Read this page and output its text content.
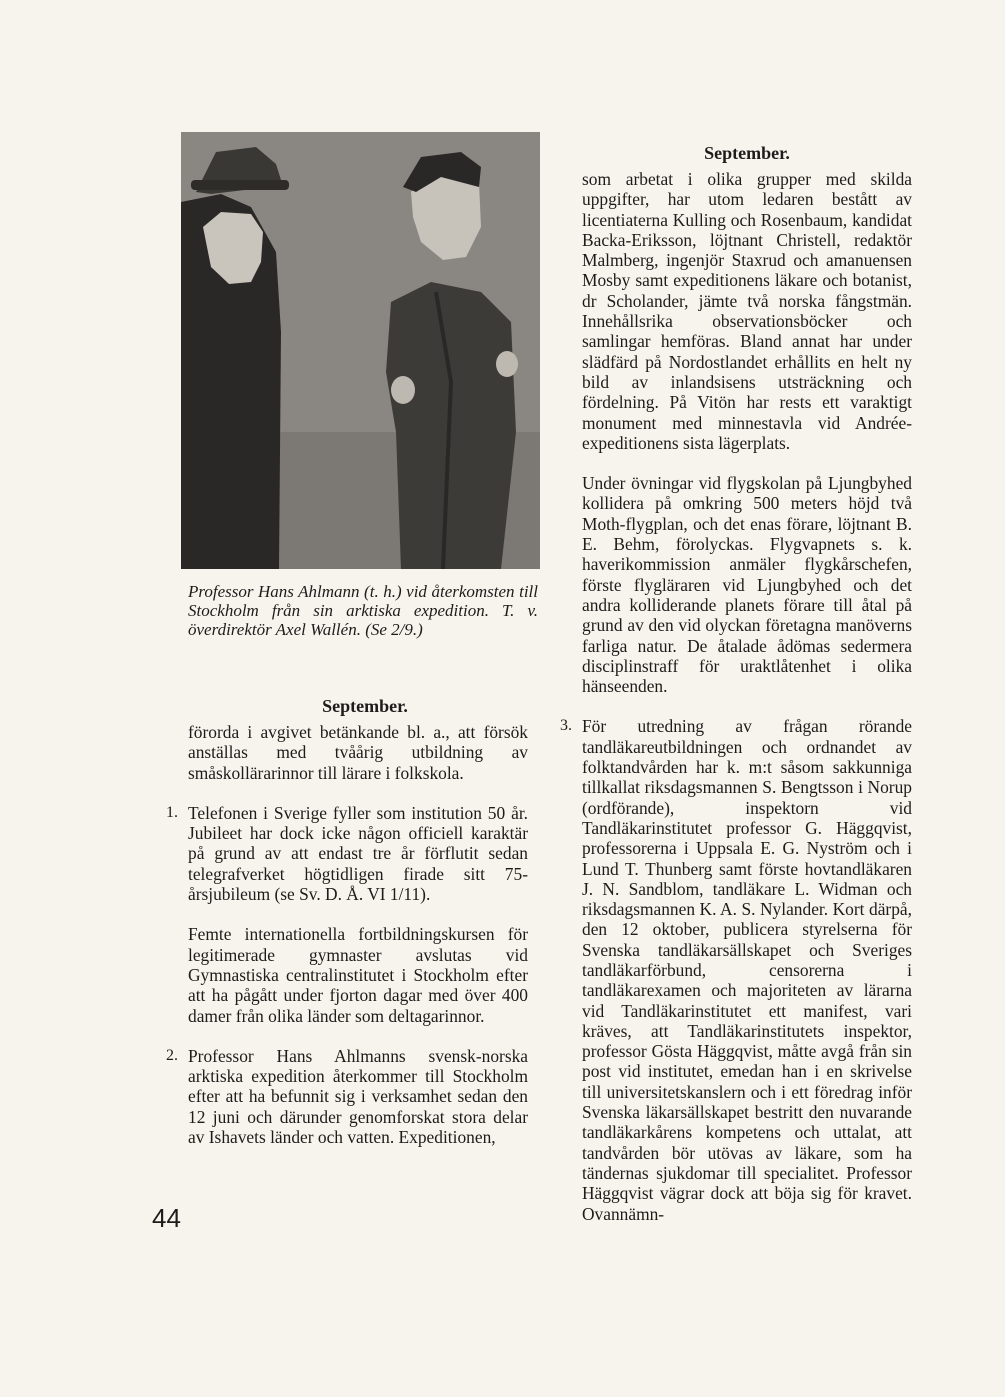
Professor Hans Ahlmann (t. h.) vid återkomsten till Stockholm från sin arktiska expedition. T. v. överdirektör Axel Wallén. (Se 2/9.)

September.

förorda i avgivet betänkande bl. a., att försök anställas med tvåårig utbildning av småskollärarinnor till lärare i folkskola.

1. Telefonen i Sverige fyller som institution 50 år. Jubileet har dock icke någon officiell karaktär på grund av att endast tre år förflutit sedan telegrafverket högtidligen firade sitt 75-årsjubileum (se Sv. D. Å. VI 1/11).

Femte internationella fortbildningskursen för legitimerade gymnaster avslutas vid Gymnastiska centralinstitutet i Stockholm efter att ha pågått under fjorton dagar med över 400 damer från olika länder som deltagarinnor.

2. Professor Hans Ahlmanns svensk-norska arktiska expedition återkommer till Stockholm efter att ha befunnit sig i verksamhet sedan den 12 juni och därunder genomforskat stora delar av Ishavets länder och vatten. Expeditionen,

September.

som arbetat i olika grupper med skilda uppgifter, har utom ledaren bestått av licentiaterna Kulling och Rosenbaum, kandidat Backa-Eriksson, löjtnant Christell, redaktör Malmberg, ingenjör Staxrud och amanuensen Mosby samt expeditionens läkare och botanist, dr Scholander, jämte två norska fångstmän. Innehållsrika observationsböcker och samlingar hemföras. Bland annat har under slädfärd på Nordostlandet erhållits en helt ny bild av inlandsisens utsträckning och fördelning. På Vitön har rests ett varaktigt monument med minnestavla vid Andrée-expeditionens sista lägerplats.

Under övningar vid flygskolan på Ljungbyhed kollidera på omkring 500 meters höjd två Moth-flygplan, och det enas förare, löjtnant B. E. Behm, förolyckas. Flygvapnets s. k. haverikommission anmäler flygkårschefen, förste flygläraren vid Ljungbyhed och det andra kolliderande planets förare till åtal på grund av den vid olyckan företagna manöverns farliga natur. De åtalade ådömas sedermera disciplinstraff för uraktlåtenhet i olika hänseenden.

3. För utredning av frågan rörande tandläkareutbildningen och ordnandet av folktandvården har k. m:t såsom sakkunniga tillkallat riksdagsmannen S. Bengtsson i Norup (ordförande), inspektorn vid Tandläkarinstitutet professor G. Häggqvist, professorerna i Uppsala E. G. Nyström och i Lund T. Thunberg samt förste hovtandläkaren J. N. Sandblom, tandläkare L. Widman och riksdagsmannen K. A. S. Nylander. Kort därpå, den 12 oktober, publicera styrelserna för Svenska tandläkarsällskapet och Sveriges tandläkarförbund, censorerna i tandläkarexamen och majoriteten av lärarna vid Tandläkarinstitutet ett manifest, vari kräves, att Tandläkarinstitutets inspektor, professor Gösta Häggqvist, måtte avgå från sin post vid institutet, emedan han i en skrivelse till universitetskanslern och i ett föredrag inför Svenska läkarsällskapet bestritt den nuvarande tandläkarkårens kompetens och uttalat, att tandvården bör utövas av läkare, som ha tändernas sjukdomar till specialitet. Professor Häggqvist vägrar dock att böja sig för kravet. Ovannämn-

44
